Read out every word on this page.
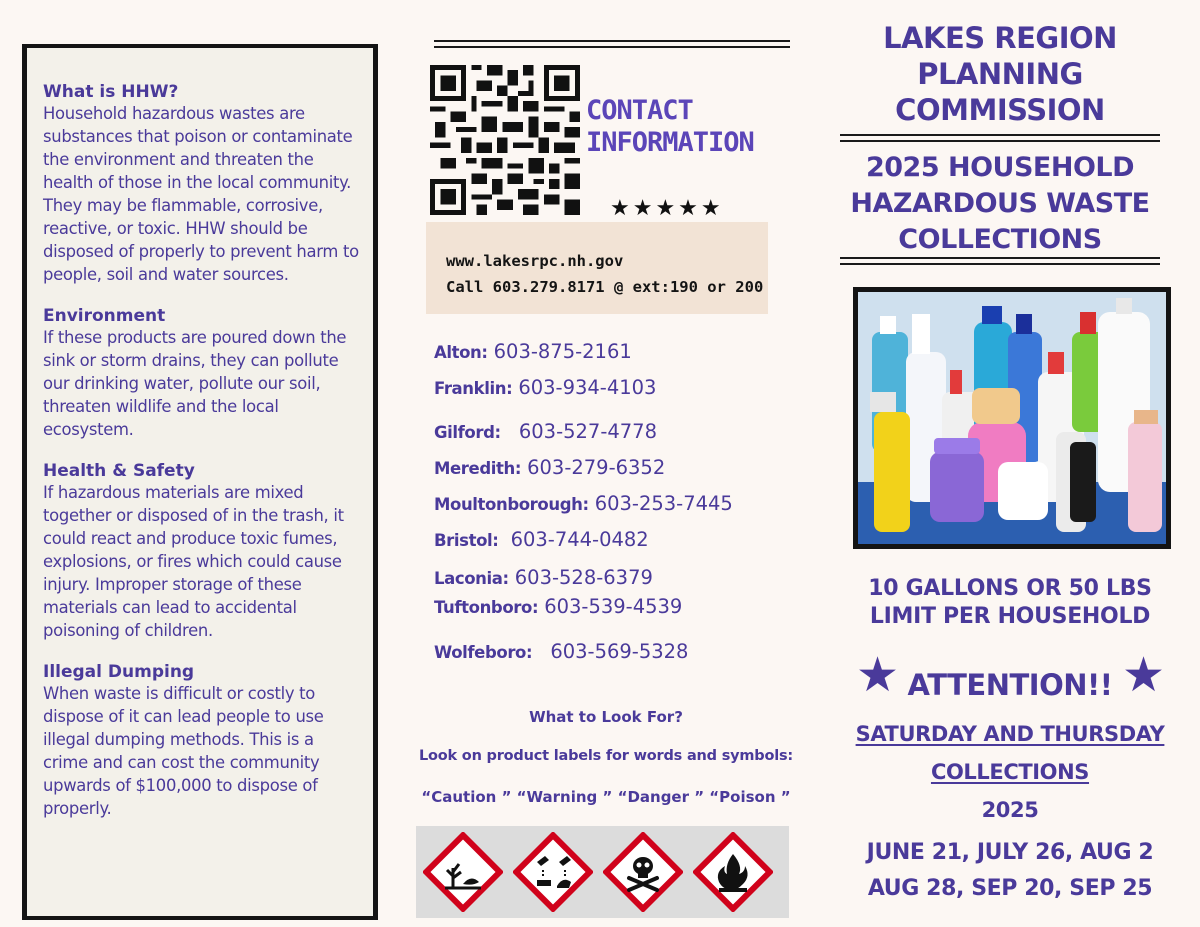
What is HHW?
Household hazardous wastes are substances that poison or contaminate the environment and threaten the health of those in the local community. They may be flammable, corrosive, reactive, or toxic. HHW should be disposed of properly to prevent harm to people, soil and water sources.
Environment
If these products are poured down the sink or storm drains, they can pollute our drinking water, pollute our soil, threaten wildlife and the local ecosystem.
Health & Safety
If hazardous materials are mixed together or disposed of in the trash, it could react and produce toxic fumes, explosions, or fires which could cause injury. Improper storage of these materials can lead to accidental poisoning of children.
Illegal Dumping
When waste is difficult or costly to dispose of it can lead people to use illegal dumping methods. This is a crime and can cost the community upwards of $100,000 to dispose of properly.
CONTACT
INFORMATION
★★★★★
www.lakesrpc.nh.gov
Call 603.279.8171 @ ext:190 or 200
Alton: 603-875-2161
Franklin: 603-934-4103
Gilford: 603-527-4778
Meredith: 603-279-6352
Moultonborough: 603-253-7445
Bristol: 603-744-0482
Laconia: 603-528-6379
Tuftonboro: 603-539-4539
Wolfeboro: 603-569-5328
What to Look For?
Look on product labels for words and symbols:
“Caution ” “Warning ” “Danger ” “Poison ”
LAKES REGION
PLANNING
COMMISSION
2025 HOUSEHOLD
HAZARDOUS WASTE
COLLECTIONS
10 GALLONS OR 50 LBS
LIMIT PER HOUSEHOLD
★ ATTENTION!! ★
SATURDAY AND THURSDAY
COLLECTIONS
2025
JUNE 21, JULY 26, AUG 2
AUG 28, SEP 20, SEP 25
